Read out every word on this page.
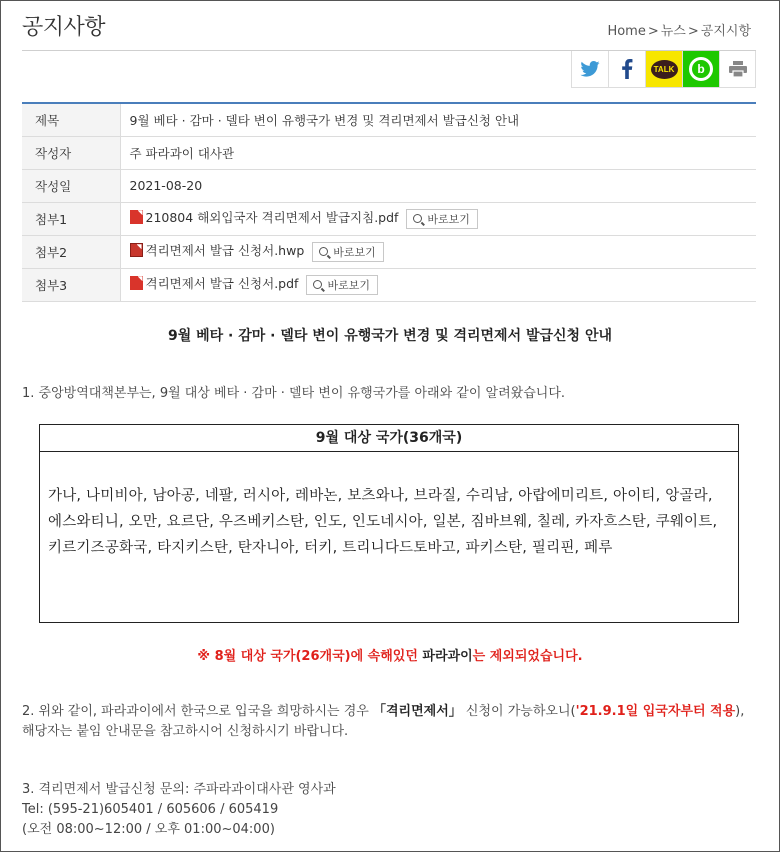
공지사항	Home > 뉴스 > 공지시항
TALK	b
제목	9월 베타 · 감마 · 델타 변이 유행국가 변경 및 격리면제서 발급신청 안내
작성자	주 파라과이 대사관
작성일	2021-08-20
첨부1	210804 해외입국자 격리면제서 발급지침.pdf 바로보기

첨부2	격리면제서 발급 신청서.hwp 바로보기

첨부3	격리면제서 발급 신청서.pdf 바로보기
9월 베타 · 감마 · 델타 변이 유행국가 변경 및 격리면제서 발급신청 안내

1. 중앙방역대책본부는, 9월 대상 베타 · 감마 · 델타 변이 유행국가를 아래와 같이 알려왔습니다.

9월 대상 국가(36개국)
가나, 나미비아, 남아공, 네팔, 러시아, 레바논, 보츠와나, 브라질, 수리남, 아랍에미리트, 아이티, 앙골라, 에스와티니, 오만, 요르단, 우즈베키스탄, 인도, 인도네시아, 일본, 짐바브웨, 칠레, 카자흐스탄, 쿠웨이트, 키르기즈공화국, 타지키스탄, 탄자니아, 터키, 트리니다드토바고, 파키스탄, 필리핀, 페루
※ 8월 대상 국가(26개국)에 속해있던 파라과이는 제외되었습니다.

2. 위와 같이, 파라과이에서 한국으로 입국을 희망하시는 경우 「격리면제서」 신청이 가능하오니('21.9.1일 입국자부터 적용), 해당자는 붙임 안내문을 참고하시어 신청하시기 바랍니다.

3. 격리면제서 발급신청 문의: 주파라과이대사관 영사과
Tel: (595-21)605401 / 605606 / 605419
(오전 08:00~12:00 / 오후 01:00~04:00)
